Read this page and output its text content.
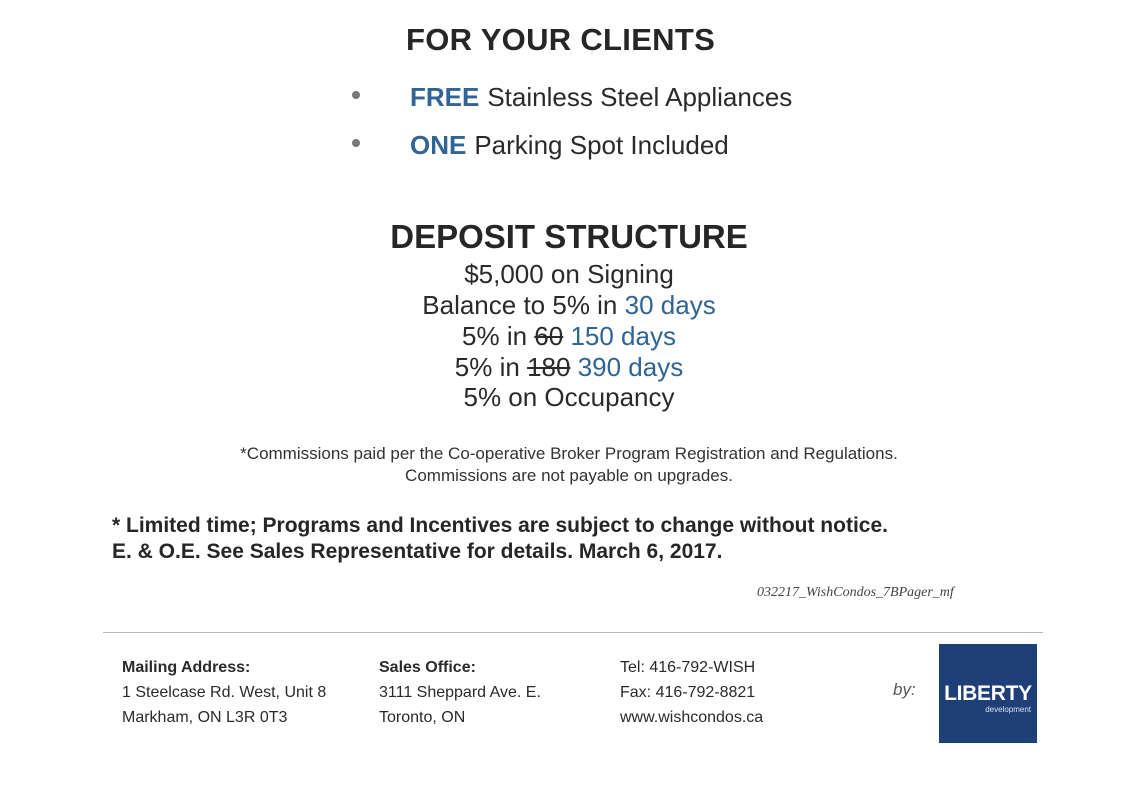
FOR YOUR CLIENTS
FREE Stainless Steel Appliances
ONE Parking Spot Included
DEPOSIT STRUCTURE
$5,000 on Signing
Balance to 5% in 30 days
5% in 60 150 days
5% in 180 390 days
5% on Occupancy
*Commissions paid per the Co-operative Broker Program Registration and Regulations.
Commissions are not payable on upgrades.
* Limited time; Programs and Incentives are subject to change without notice.
E. & O.E. See Sales Representative for details. March 6, 2017.
032217_WishCondos_7BPager_mf
Mailing Address:
1 Steelcase Rd. West, Unit 8
Markham, ON L3R 0T3
Sales Office:
3111 Sheppard Ave. E.
Toronto, ON
Tel: 416-792-WISH
Fax: 416-792-8821
www.wishcondos.ca
by: LIBERTY
development
